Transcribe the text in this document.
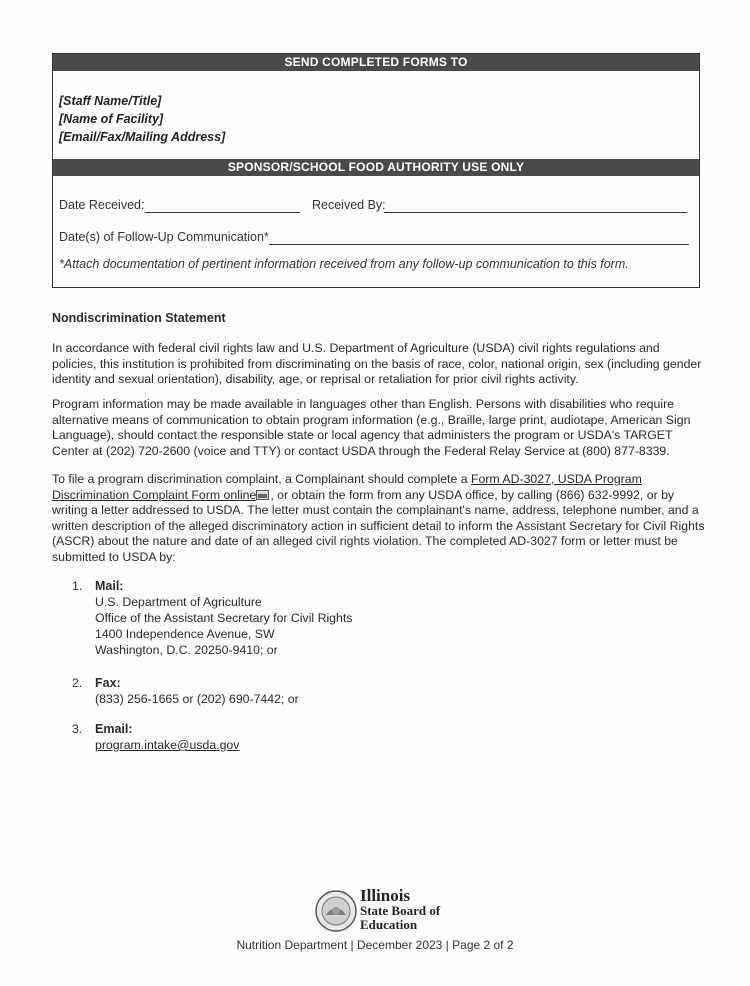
SEND COMPLETED FORMS TO
[Staff Name/Title]
[Name of Facility]
[Email/Fax/Mailing Address]
SPONSOR/SCHOOL FOOD AUTHORITY USE ONLY
Date Received:	Received By:
Date(s) of Follow-Up Communication*
*Attach documentation of pertinent information received from any follow-up communication to this form.
Nondiscrimination Statement
In accordance with federal civil rights law and U.S. Department of Agriculture (USDA) civil rights regulations and policies, this institution is prohibited from discriminating on the basis of race, color, national origin, sex (including gender identity and sexual orientation), disability, age, or reprisal or retaliation for prior civil rights activity.
Program information may be made available in languages other than English. Persons with disabilities who require alternative means of communication to obtain program information (e.g., Braille, large print, audiotape, American Sign Language), should contact the responsible state or local agency that administers the program or USDA's TARGET Center at (202) 720-2600 (voice and TTY) or contact USDA through the Federal Relay Service at (800) 877-8339.
To file a program discrimination complaint, a Complainant should complete a Form AD-3027, USDA Program Discrimination Complaint Form online , or obtain the form from any USDA office, by calling (866) 632-9992, or by writing a letter addressed to USDA. The letter must contain the complainant's name, address, telephone number, and a written description of the alleged discriminatory action in sufficient detail to inform the Assistant Secretary for Civil Rights (ASCR) about the nature and date of an alleged civil rights violation. The completed AD-3027 form or letter must be submitted to USDA by:
1. Mail:
U.S. Department of Agriculture
Office of the Assistant Secretary for Civil Rights
1400 Independence Avenue, SW
Washington, D.C. 20250-9410; or
2. Fax:
(833) 256-1665 or (202) 690-7442; or
3. Email:
program.intake@usda.gov
Illinois
State Board of
Education
Nutrition Department | December 2023 | Page 2 of 2
